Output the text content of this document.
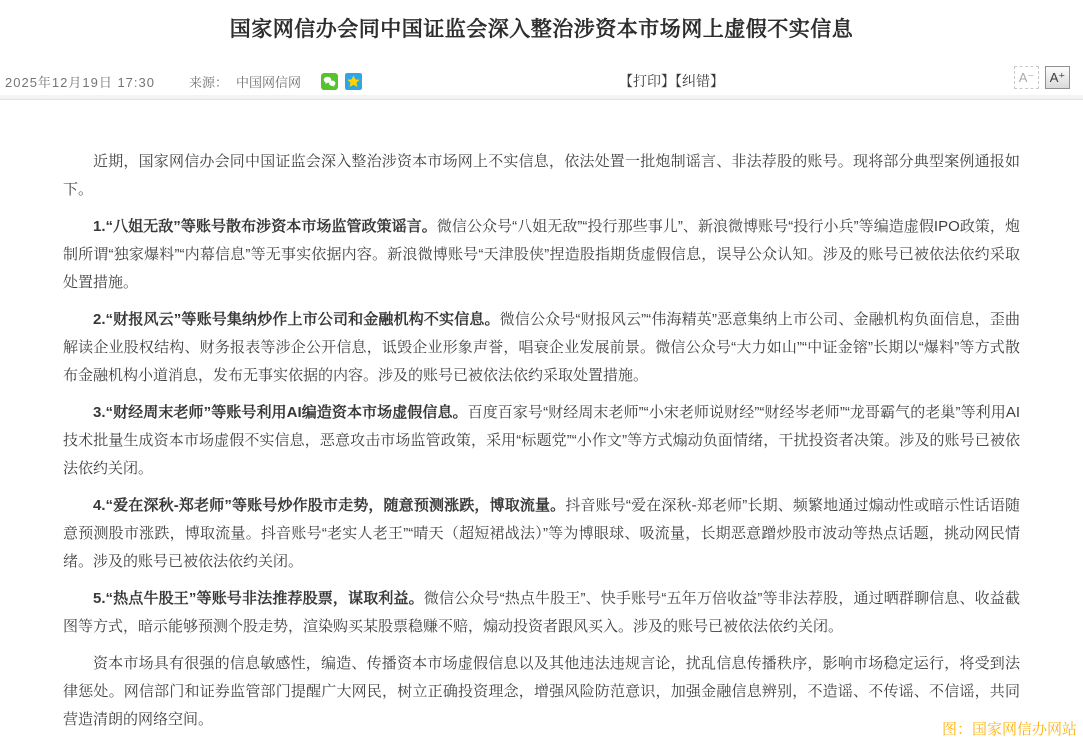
国家网信办会同中国证监会深入整治涉资本市场网上虚假不实信息
2025年12月19日 17:30	来源： 中国网信网	【打印】【纠错】	A⁻	A⁺

近期，国家网信办会同中国证监会深入整治涉资本市场网上不实信息，依法处置一批炮制谣言、非法荐股的账号。现将部分典型案例通报如下。

1.“八姐无敌”等账号散布涉资本市场监管政策谣言。微信公众号“八姐无敌”“投行那些事儿”、新浪微博账号“投行小兵”等编造虚假IPO政策，炮制所谓“独家爆料”“内幕信息”等无事实依据内容。新浪微博账号“天津股侠”捏造股指期货虚假信息，误导公众认知。涉及的账号已被依法依约采取处置措施。

2.“财报风云”等账号集纳炒作上市公司和金融机构不实信息。微信公众号“财报风云”“伟海精英”恶意集纳上市公司、金融机构负面信息，歪曲解读企业股权结构、财务报表等涉企公开信息，诋毁企业形象声誉，唱衰企业发展前景。微信公众号“大力如山”“中证金镕”长期以“爆料”等方式散布金融机构小道消息，发布无事实依据的内容。涉及的账号已被依法依约采取处置措施。

3.“财经周末老师”等账号利用AI编造资本市场虚假信息。百度百家号“财经周末老师”“小宋老师说财经”“财经岑老师”“龙哥霸气的老巢”等利用AI技术批量生成资本市场虚假不实信息，恶意攻击市场监管政策，采用“标题党”“小作文”等方式煽动负面情绪，干扰投资者决策。涉及的账号已被依法依约关闭。

4.“爱在深秋-郑老师”等账号炒作股市走势，随意预测涨跌，博取流量。抖音账号“爱在深秋-郑老师”长期、频繁地通过煽动性或暗示性话语随意预测股市涨跌，博取流量。抖音账号“老实人老王”“晴天（超短裙战法）”等为博眼球、吸流量，长期恶意蹭炒股市波动等热点话题，挑动网民情绪。涉及的账号已被依法依约关闭。

5.“热点牛股王”等账号非法推荐股票，谋取利益。微信公众号“热点牛股王”、快手账号“五年万倍收益”等非法荐股，通过晒群聊信息、收益截图等方式，暗示能够预测个股走势，渲染购买某股票稳赚不赔，煽动投资者跟风买入。涉及的账号已被依法依约关闭。

资本市场具有很强的信息敏感性，编造、传播资本市场虚假信息以及其他违法违规言论，扰乱信息传播秩序，影响市场稳定运行，将受到法律惩处。网信部门和证券监管部门提醒广大网民，树立正确投资理念，增强风险防范意识，加强金融信息辨别，不造谣、不传谣、不信谣，共同营造清朗的网络空间。

图：国家网信办网站
